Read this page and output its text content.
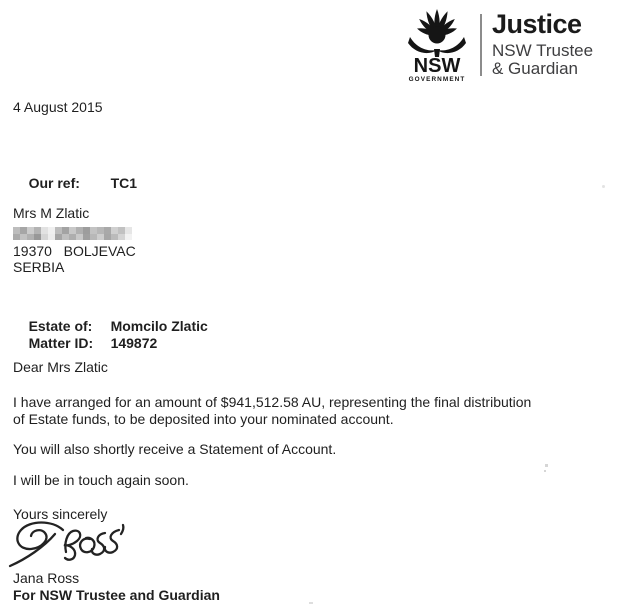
NSW
GOVERNMENT
Justice
NSW Trustee
& Guardian
4 August 2015

Our ref: TC1

Mrs M Zlatic
19370   BOLJEVAC
SERBIA

Estate of: Momcilo Zlatic

Matter ID: 149872

Dear Mrs Zlatic
I have arranged for an amount of $941,512.58 AU, representing the final distribution
of Estate funds, to be deposited into your nominated account.
You will also shortly receive a Statement of Account.
I will be in touch again soon.
Yours sincerely
Jana Ross
For NSW Trustee and Guardian
